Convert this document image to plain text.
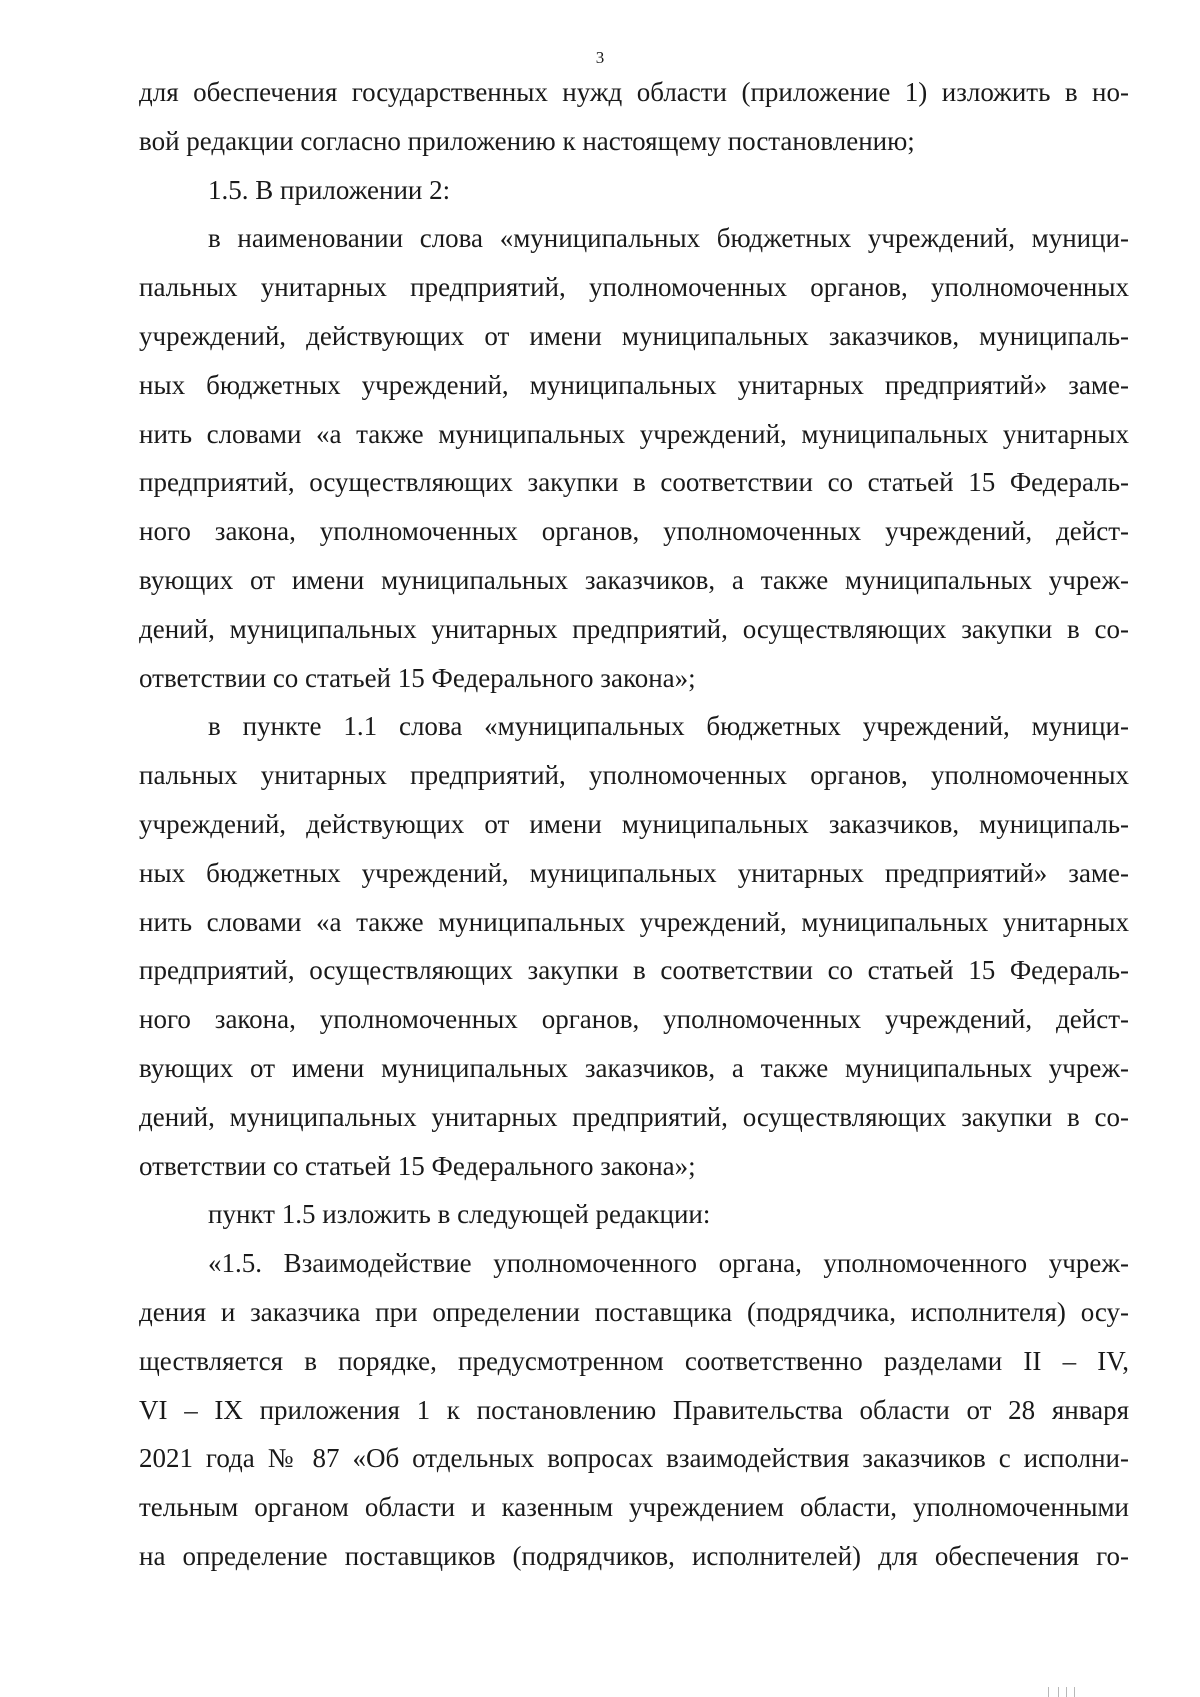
3
для обеспечения государственных нужд области (приложение 1) изложить в но-
вой редакции согласно приложению к настоящему постановлению;
1.5. В приложении 2:
в наименовании слова «муниципальных бюджетных учреждений, муници-
пальных унитарных предприятий, уполномоченных органов, уполномоченных
учреждений, действующих от имени муниципальных заказчиков, муниципаль-
ных бюджетных учреждений, муниципальных унитарных предприятий» заме-
нить словами «а также муниципальных учреждений, муниципальных унитарных
предприятий, осуществляющих закупки в соответствии со статьей 15 Федераль-
ного закона, уполномоченных органов, уполномоченных учреждений, дейст-
вующих от имени муниципальных заказчиков, а также муниципальных учреж-
дений, муниципальных унитарных предприятий, осуществляющих закупки в со-
ответствии со статьей 15 Федерального закона»;
в пункте 1.1 слова «муниципальных бюджетных учреждений, муници-
пальных унитарных предприятий, уполномоченных органов, уполномоченных
учреждений, действующих от имени муниципальных заказчиков, муниципаль-
ных бюджетных учреждений, муниципальных унитарных предприятий» заме-
нить словами «а также муниципальных учреждений, муниципальных унитарных
предприятий, осуществляющих закупки в соответствии со статьей 15 Федераль-
ного закона, уполномоченных органов, уполномоченных учреждений, дейст-
вующих от имени муниципальных заказчиков, а также муниципальных учреж-
дений, муниципальных унитарных предприятий, осуществляющих закупки в со-
ответствии со статьей 15 Федерального закона»;
пункт 1.5 изложить в следующей редакции:
«1.5. Взаимодействие уполномоченного органа, уполномоченного учреж-
дения и заказчика при определении поставщика (подрядчика, исполнителя) осу-
ществляется в порядке, предусмотренном соответственно разделами II – IV,
VI – IX приложения 1 к постановлению Правительства области от 28 января
2021 года № 87 «Об отдельных вопросах взаимодействия заказчиков с исполни-
тельным органом области и казенным учреждением области, уполномоченными
на определение поставщиков (подрядчиков, исполнителей) для обеспечения го-
